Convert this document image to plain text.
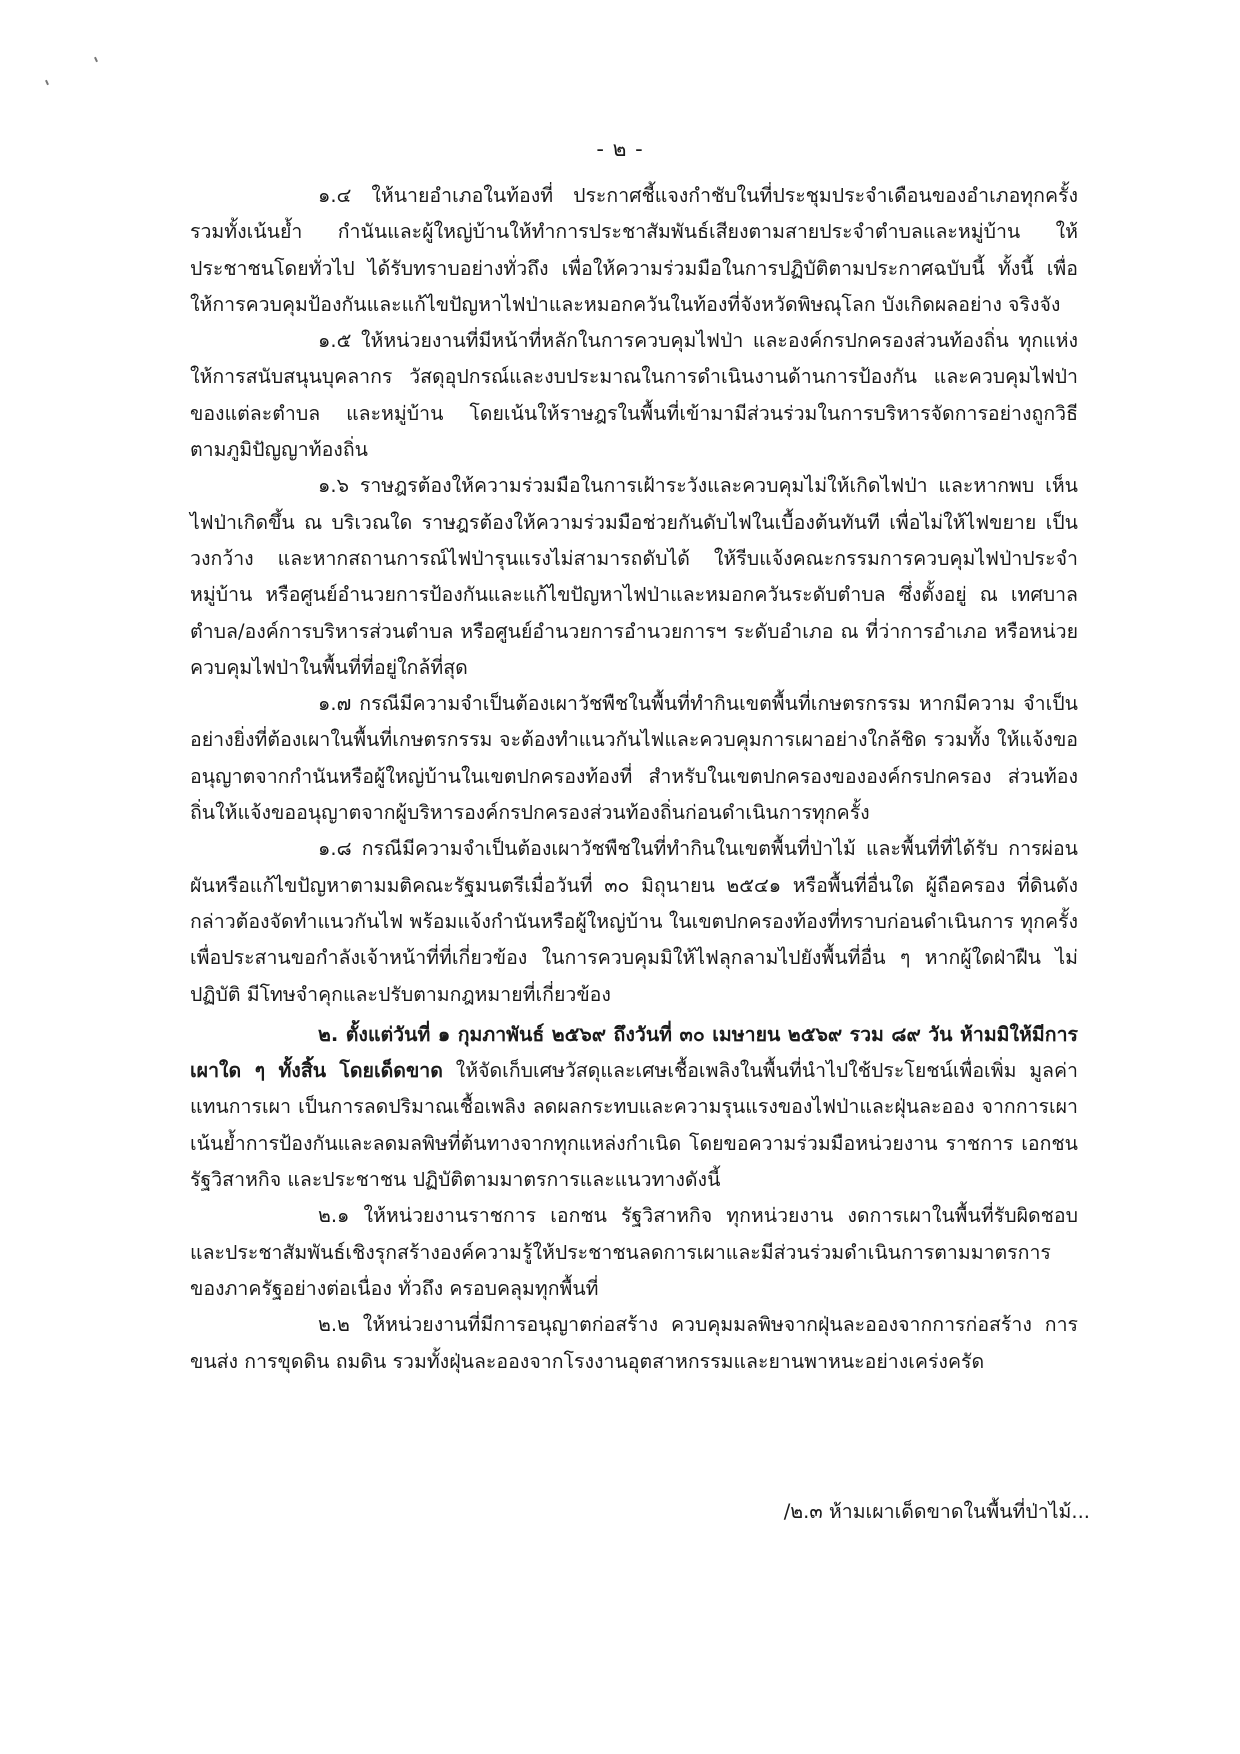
- ๒ -

๑.๔ ให้นายอำเภอในท้องที่ ประกาศชี้แจงกำชับในที่ประชุมประจำเดือนของอำเภอทุกครั้ง รวมทั้งเน้นย้ำ กำนันและผู้ใหญ่บ้านให้ทำการประชาสัมพันธ์เสียงตามสายประจำตำบลและหมู่บ้าน ให้ประชาชนโดยทั่วไป ได้รับทราบอย่างทั่วถึง เพื่อให้ความร่วมมือในการปฏิบัติตามประกาศฉบับนี้ ทั้งนี้ เพื่อให้การควบคุมป้องกันและแก้ไขปัญหาไฟป่าและหมอกควันในท้องที่จังหวัดพิษณุโลก บังเกิดผลอย่าง จริงจัง

๑.๕ ให้หน่วยงานที่มีหน้าที่หลักในการควบคุมไฟป่า และองค์กรปกครองส่วนท้องถิ่น ทุกแห่งให้การสนับสนุนบุคลากร วัสดุอุปกรณ์และงบประมาณในการดำเนินงานด้านการป้องกัน และควบคุมไฟป่า ของแต่ละตำบล และหมู่บ้าน โดยเน้นให้ราษฎรในพื้นที่เข้ามามีส่วนร่วมในการบริหารจัดการอย่างถูกวิธี ตามภูมิปัญญาท้องถิ่น

๑.๖ ราษฎรต้องให้ความร่วมมือในการเฝ้าระวังและควบคุมไม่ให้เกิดไฟป่า และหากพบ เห็นไฟป่าเกิดขึ้น ณ บริเวณใด ราษฎรต้องให้ความร่วมมือช่วยกันดับไฟในเบื้องต้นทันที เพื่อไม่ให้ไฟขยาย เป็นวงกว้าง และหากสถานการณ์ไฟป่ารุนแรงไม่สามารถดับได้ ให้รีบแจ้งคณะกรรมการควบคุมไฟป่าประจำ หมู่บ้าน หรือศูนย์อำนวยการป้องกันและแก้ไขปัญหาไฟป่าและหมอกควันระดับตำบล ซึ่งตั้งอยู่ ณ เทศบาล ตำบล/องค์การบริหารส่วนตำบล หรือศูนย์อำนวยการอำนวยการฯ ระดับอำเภอ ณ ที่ว่าการอำเภอ หรือหน่วย ควบคุมไฟป่าในพื้นที่ที่อยู่ใกล้ที่สุด

๑.๗ กรณีมีความจำเป็นต้องเผาวัชพืชในพื้นที่ทำกินเขตพื้นที่เกษตรกรรม หากมีความ จำเป็นอย่างยิ่งที่ต้องเผาในพื้นที่เกษตรกรรม จะต้องทำแนวกันไฟและควบคุมการเผาอย่างใกล้ชิด รวมทั้ง ให้แจ้งขออนุญาตจากกำนันหรือผู้ใหญ่บ้านในเขตปกครองท้องที่ สำหรับในเขตปกครองขององค์กรปกครอง ส่วนท้องถิ่นให้แจ้งขออนุญาตจากผู้บริหารองค์กรปกครองส่วนท้องถิ่นก่อนดำเนินการทุกครั้ง

๑.๘ กรณีมีความจำเป็นต้องเผาวัชพืชในที่ทำกินในเขตพื้นที่ป่าไม้ และพื้นที่ที่ได้รับ การผ่อนผันหรือแก้ไขปัญหาตามมติคณะรัฐมนตรีเมื่อวันที่ ๓๐ มิถุนายน ๒๕๔๑ หรือพื้นที่อื่นใด ผู้ถือครอง ที่ดินดังกล่าวต้องจัดทำแนวกันไฟ พร้อมแจ้งกำนันหรือผู้ใหญ่บ้าน ในเขตปกครองท้องที่ทราบก่อนดำเนินการ ทุกครั้ง เพื่อประสานขอกำลังเจ้าหน้าที่ที่เกี่ยวข้อง ในการควบคุมมิให้ไฟลุกลามไปยังพื้นที่อื่น ๆ หากผู้ใดฝ่าฝืน ไม่ปฏิบัติ มีโทษจำคุกและปรับตามกฎหมายที่เกี่ยวข้อง

๒. ตั้งแต่วันที่ ๑ กุมภาพันธ์ ๒๕๖๙ ถึงวันที่ ๓๐ เมษายน ๒๕๖๙ รวม ๘๙ วัน ห้ามมิให้มีการเผาใด ๆ ทั้งสิ้น โดยเด็ดขาด ให้จัดเก็บเศษวัสดุและเศษเชื้อเพลิงในพื้นที่นำไปใช้ประโยชน์เพื่อเพิ่ม มูลค่าแทนการเผา เป็นการลดปริมาณเชื้อเพลิง ลดผลกระทบและความรุนแรงของไฟป่าและฝุ่นละออง จากการเผา เน้นย้ำการป้องกันและลดมลพิษที่ต้นทางจากทุกแหล่งกำเนิด โดยขอความร่วมมือหน่วยงาน ราชการ เอกชน รัฐวิสาหกิจ และประชาชน ปฏิบัติตามมาตรการและแนวทางดังนี้

๒.๑ ให้หน่วยงานราชการ เอกชน รัฐวิสาหกิจ ทุกหน่วยงาน งดการเผาในพื้นที่รับผิดชอบ และประชาสัมพันธ์เชิงรุกสร้างองค์ความรู้ให้ประชาชนลดการเผาและมีส่วนร่วมดำเนินการตามมาตรการ ของภาครัฐอย่างต่อเนื่อง ทั่วถึง ครอบคลุมทุกพื้นที่

๒.๒ ให้หน่วยงานที่มีการอนุญาตก่อสร้าง ควบคุมมลพิษจากฝุ่นละอองจากการก่อสร้าง การขนส่ง การขุดดิน ถมดิน รวมทั้งฝุ่นละอองจากโรงงานอุตสาหกรรมและยานพาหนะอย่างเคร่งครัด

/๒.๓ ห้ามเผาเด็ดขาดในพื้นที่ป่าไม้...
